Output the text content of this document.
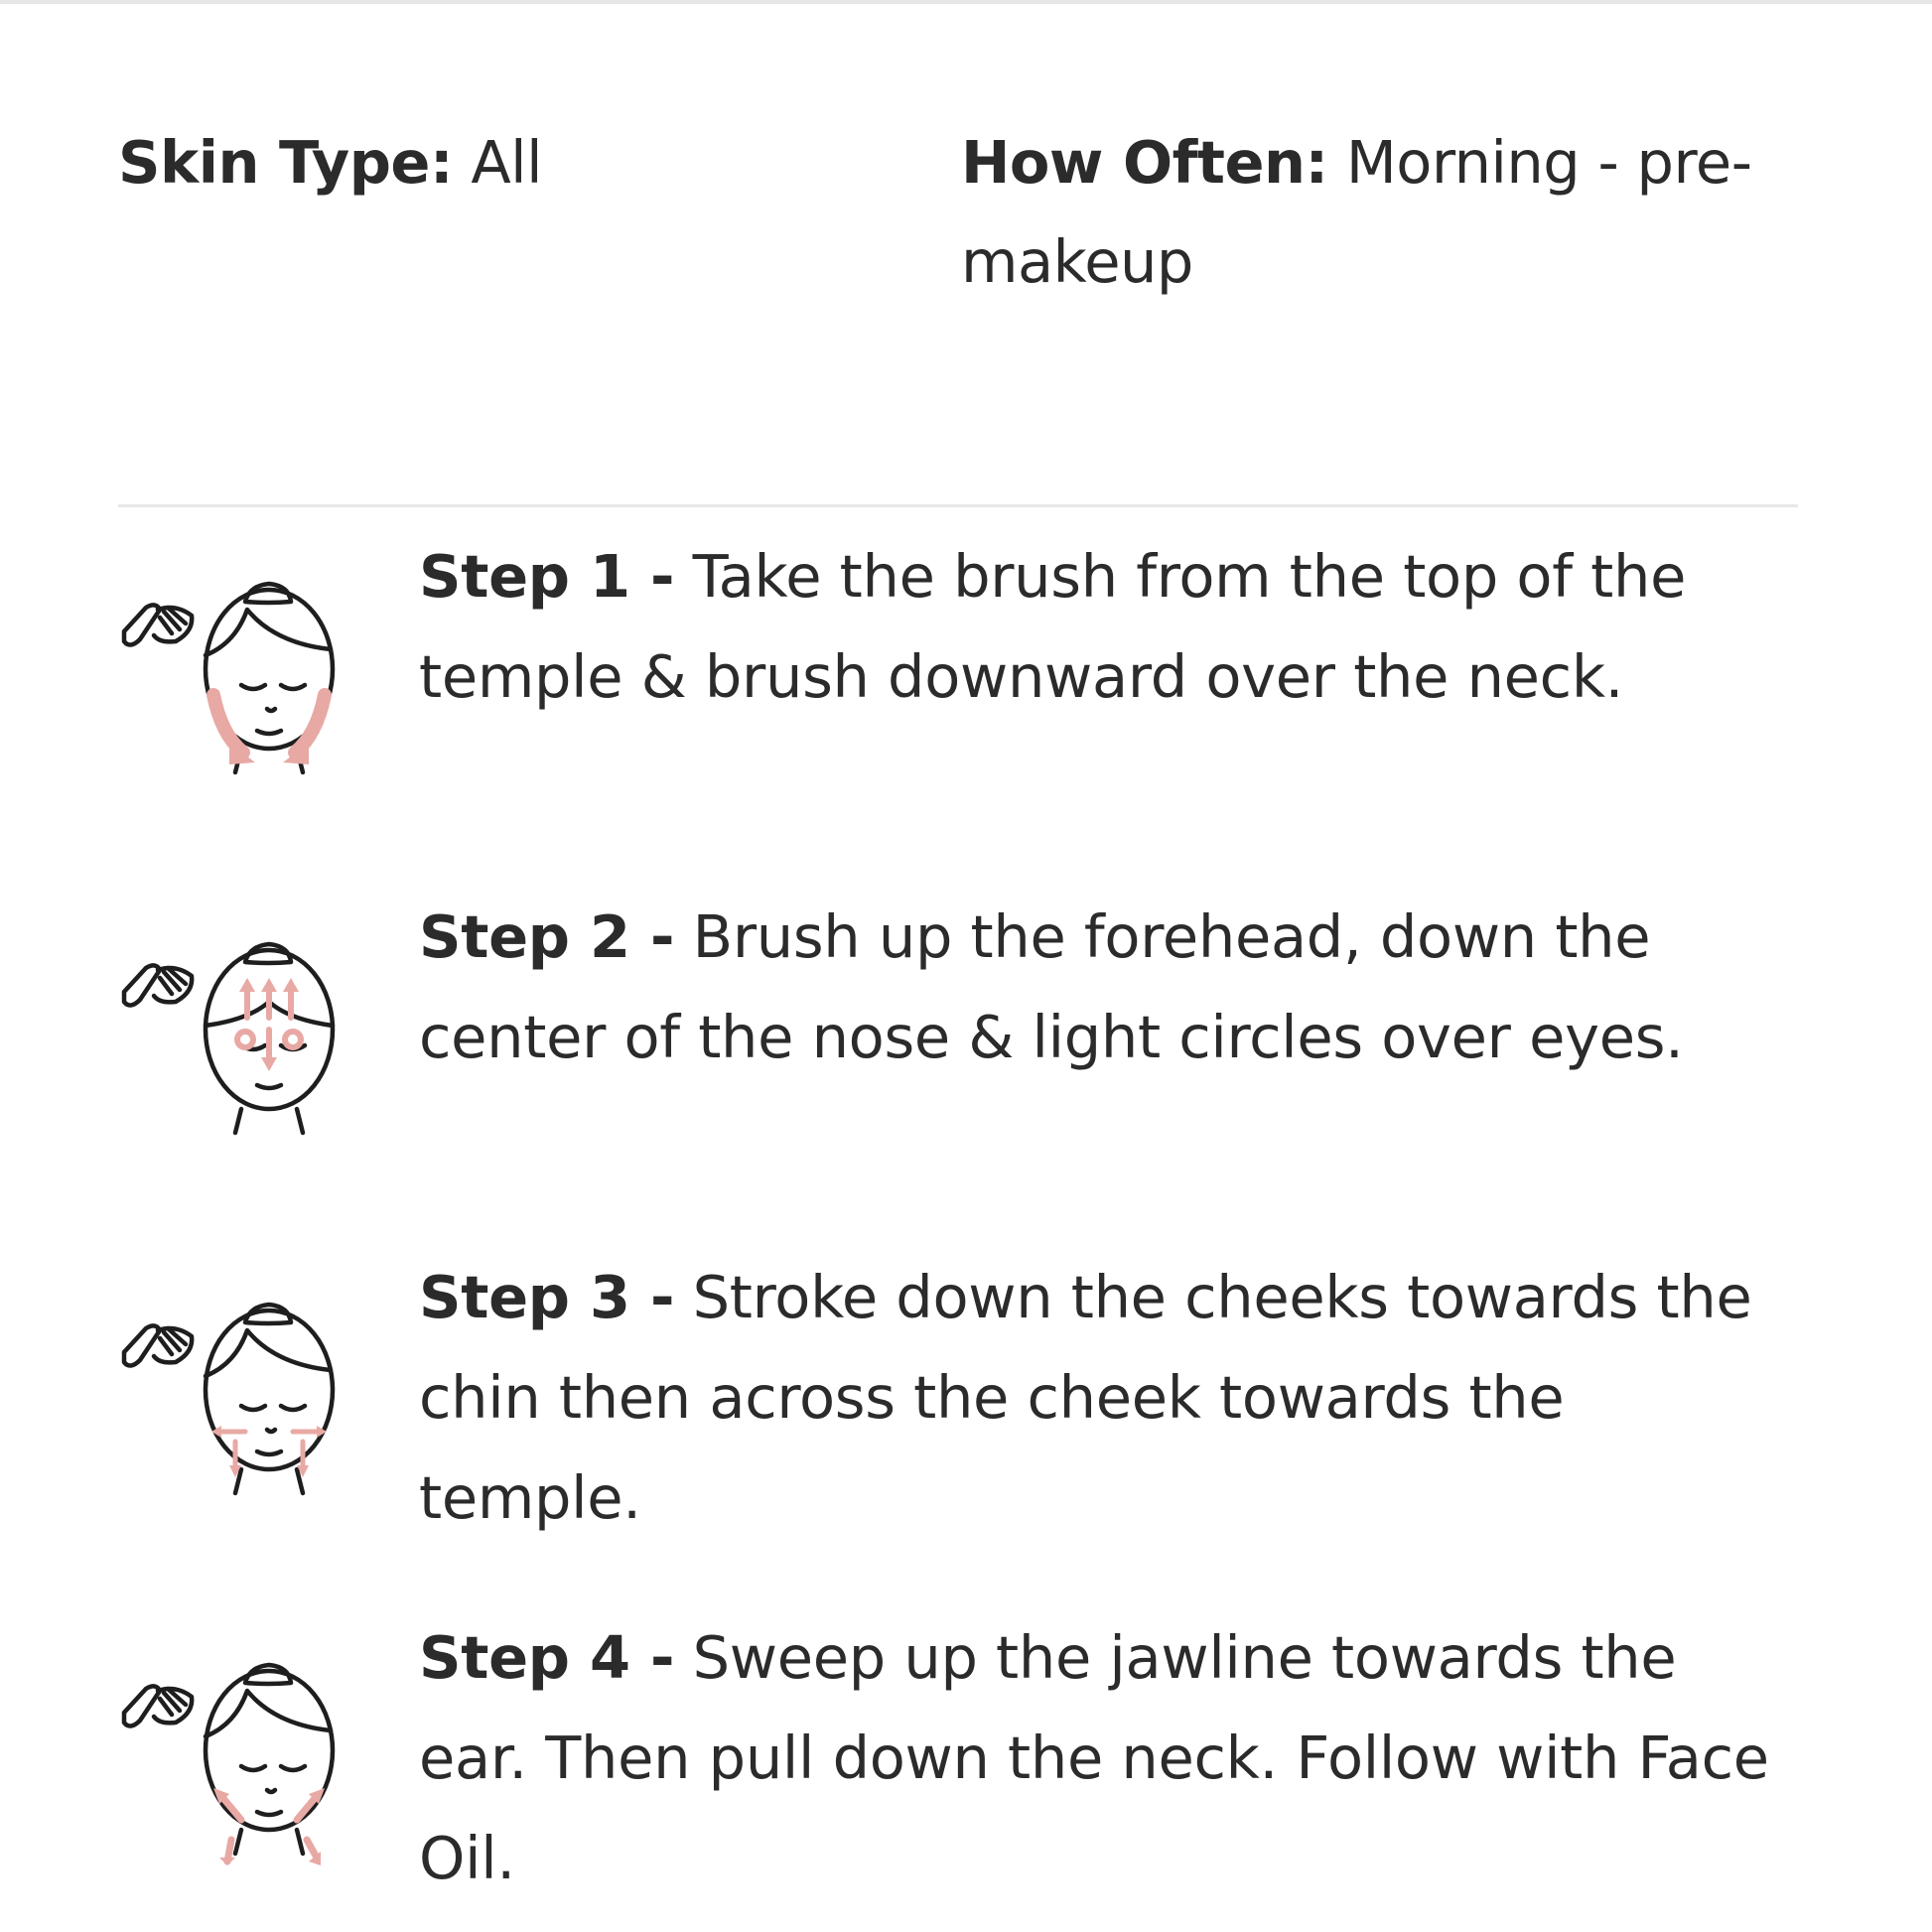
Skin Type: All	How Often: Morning - pre-makeup
Step 1 - Take the brush from the top of the temple & brush downward over the neck.
Step 2 - Brush up the forehead, down the center of the nose & light circles over eyes.
Step 3 - Stroke down the cheeks towards the chin then across the cheek towards the temple.
Step 4 - Sweep up the jawline towards the ear. Then pull down the neck. Follow with Face Oil.
